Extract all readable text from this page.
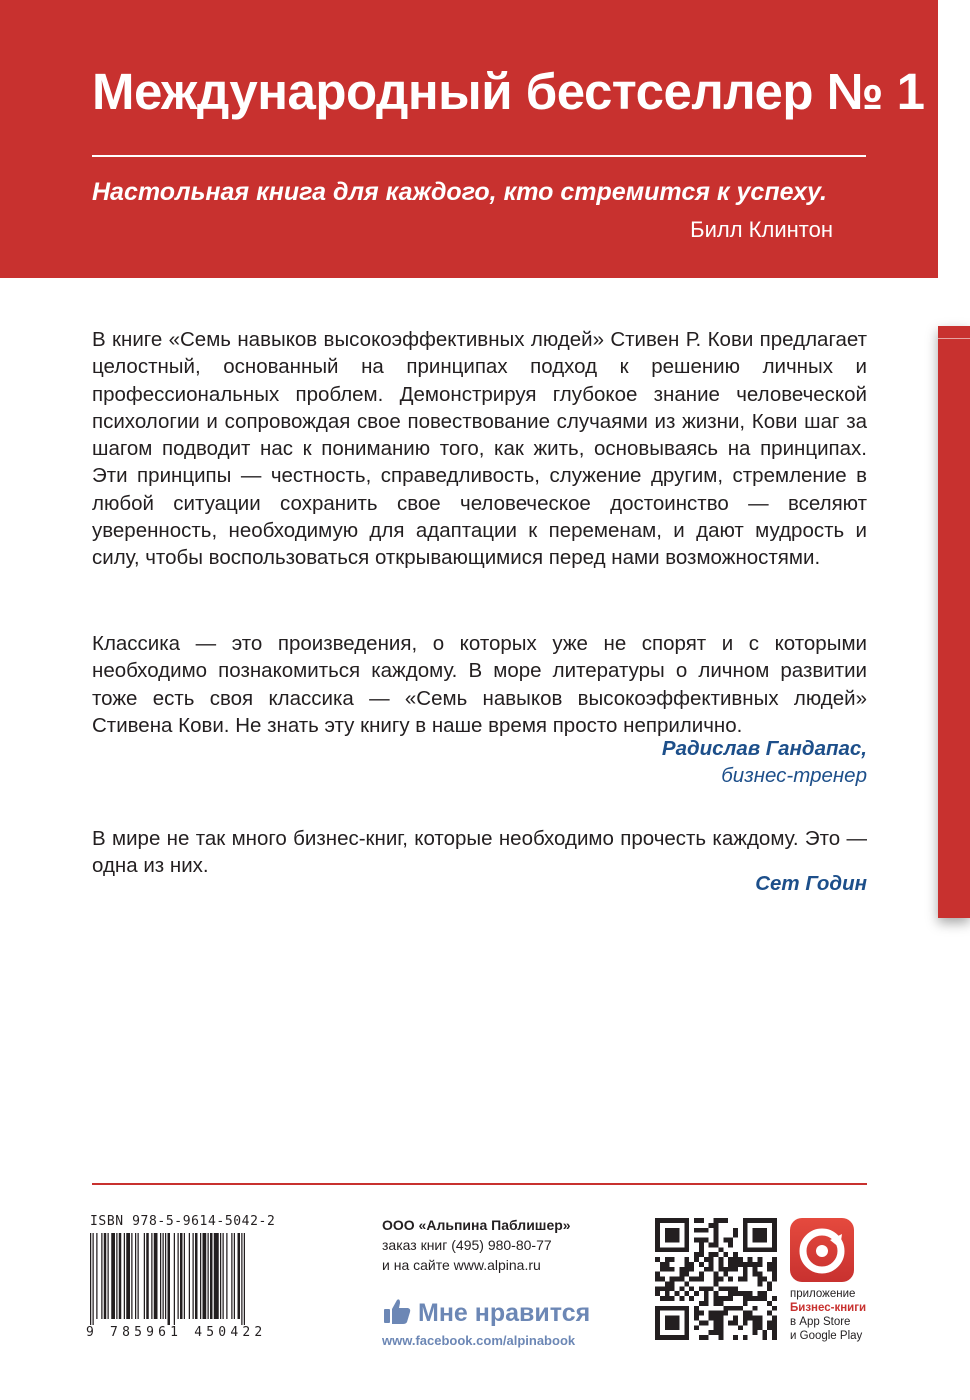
Международный бестселлер № 1

Настольная книга для каждого, кто стремится к успеху.

Билл Клинтон

В книге «Семь навыков высокоэффективных людей» Стивен Р. Кови предлагает целостный, основанный на принципах подход к решению личных и профессиональных проблем. Демонстрируя глубокое знание человеческой психологии и сопровождая свое повествование случаями из жизни, Кови шаг за шагом подводит нас к пониманию того, как жить, основываясь на принципах. Эти принципы — честность, справедливость, служение другим, стремление в любой ситуации сохранить свое человеческое достоинство — вселяют уверенность, необходимую для адаптации к переменам, и дают мудрость и силу, чтобы воспользоваться открывающимися перед нами возможностями.

Классика — это произведения, о которых уже не спорят и с которыми необходимо познакомиться каждому. В море литературы о личном развитии тоже есть своя классика — «Семь навыков высокоэффективных людей» Стивена Кови. Не знать эту книгу в наше время просто неприлично.

Радислав Гандапас,
бизнес-тренер

В мире не так много бизнес-книг, которые необходимо прочесть каждому. Это — одна из них.

Сет Годин
ISBN 978-5-9614-5042-2
9 785961 450422
ООО «Альпина Паблишер»
заказ книг (495) 980-80-77
и на сайте www.alpina.ru
Мне нравится
www.facebook.com/alpinabook
приложение
Бизнес-книги
в App Store
и Google Play
